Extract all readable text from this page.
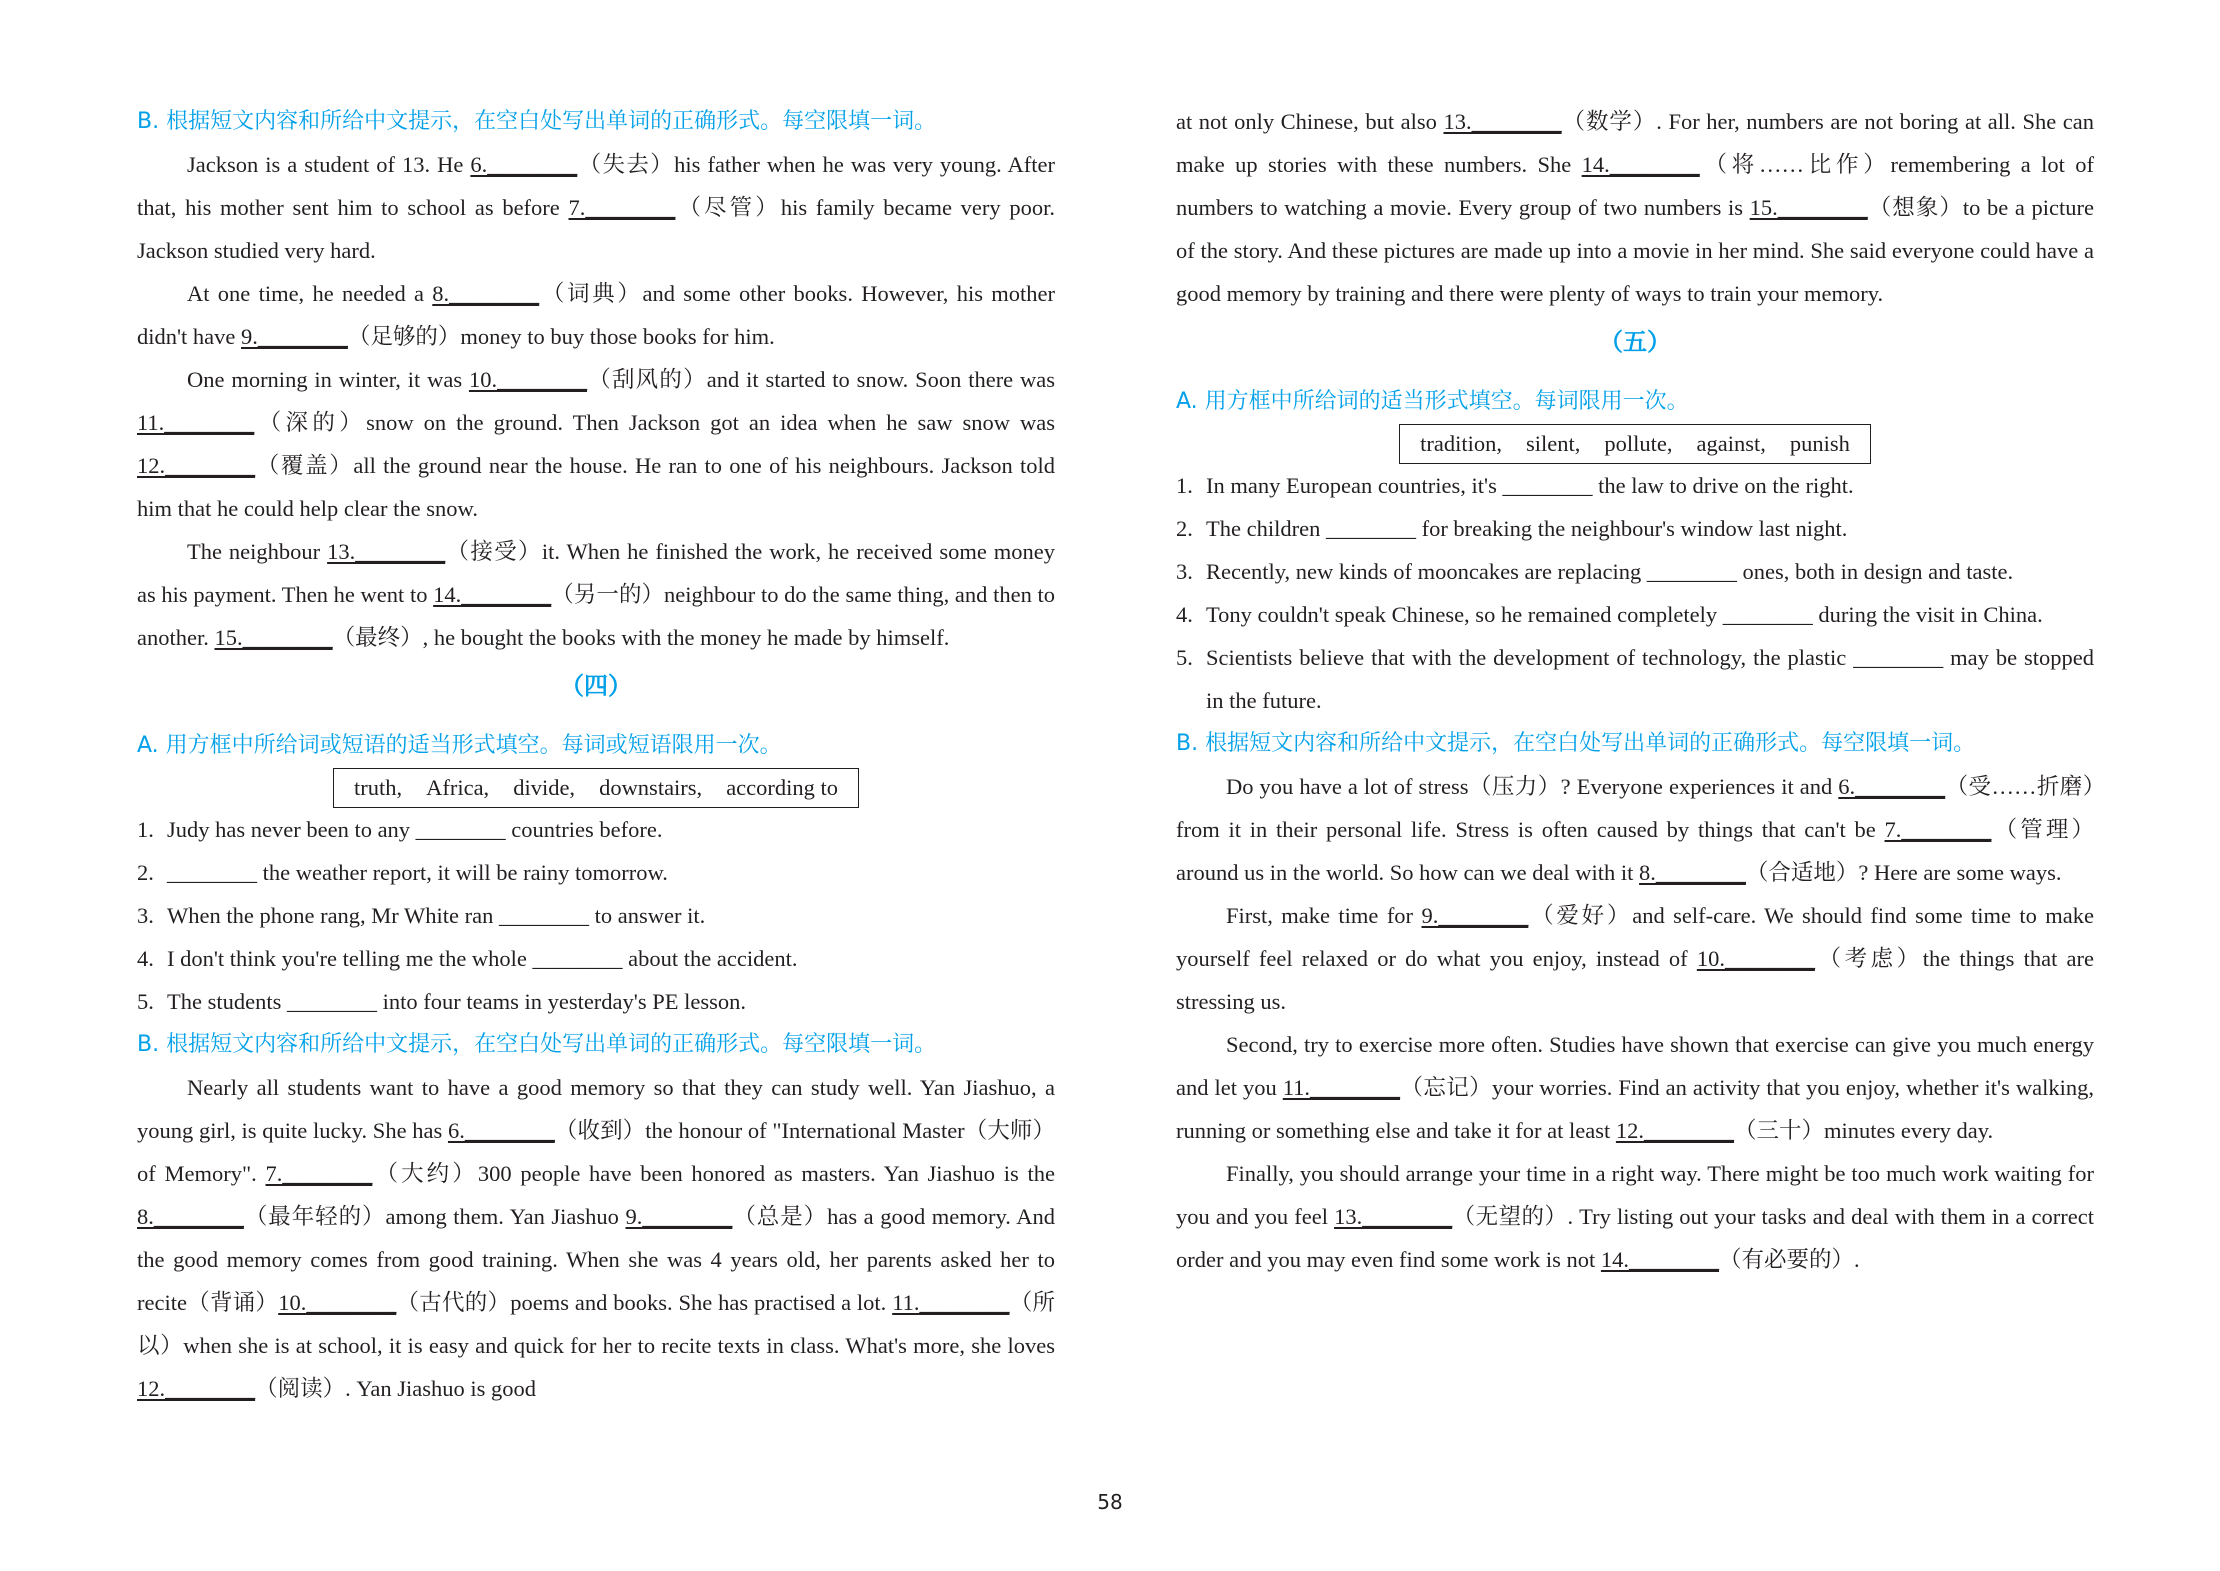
B. 根据短文内容和所给中文提示，在空白处写出单词的正确形式。每空限填一词。

Jackson is a student of 13. He 6.________（失去）his father when he was very young. After that, his mother sent him to school as before 7.________（尽管）his family became very poor. Jackson studied very hard.

At one time, he needed a 8.________（词典）and some other books. However, his mother didn't have 9.________（足够的）money to buy those books for him.

One morning in winter, it was 10.________（刮风的）and it started to snow. Soon there was 11.________（深的）snow on the ground. Then Jackson got an idea when he saw snow was 12.________（覆盖）all the ground near the house. He ran to one of his neighbours. Jackson told him that he could help clear the snow.

The neighbour 13.________（接受）it. When he finished the work, he received some money as his payment. Then he went to 14.________（另一的）neighbour to do the same thing, and then to another. 15.________（最终）, he bought the books with the money he made by himself.

（四）
A. 用方框中所给词或短语的适当形式填空。每词或短语限用一次。
truth, Africa, divide, downstairs, according to
1. Judy has never been to any ________ countries before.
2. ________ the weather report, it will be rainy tomorrow.
3. When the phone rang, Mr White ran ________ to answer it.
4. I don't think you're telling me the whole ________ about the accident.
5. The students ________ into four teams in yesterday's PE lesson.
B. 根据短文内容和所给中文提示，在空白处写出单词的正确形式。每空限填一词。

Nearly all students want to have a good memory so that they can study well. Yan Jiashuo, a young girl, is quite lucky. She has 6.________（收到）the honour of "International Master（大师）of Memory". 7.________（大约）300 people have been honored as masters. Yan Jiashuo is the 8.________（最年轻的）among them. Yan Jiashuo 9.________（总是）has a good memory. And the good memory comes from good training. When she was 4 years old, her parents asked her to recite（背诵）10.________（古代的）poems and books. She has practised a lot. 11.________（所以）when she is at school, it is easy and quick for her to recite texts in class. What's more, she loves 12.________（阅读）. Yan Jiashuo is good

at not only Chinese, but also 13.________（数学）. For her, numbers are not boring at all. She can make up stories with these numbers. She 14.________（将……比作）remembering a lot of numbers to watching a movie. Every group of two numbers is 15.________（想象）to be a picture of the story. And these pictures are made up into a movie in her mind. She said everyone could have a good memory by training and there were plenty of ways to train your memory.

（五）
A. 用方框中所给词的适当形式填空。每词限用一次。
tradition, silent, pollute, against, punish
1. In many European countries, it's ________ the law to drive on the right.
2. The children ________ for breaking the neighbour's window last night.
3. Recently, new kinds of mooncakes are replacing ________ ones, both in design and taste.
4. Tony couldn't speak Chinese, so he remained completely ________ during the visit in China.
5. Scientists believe that with the development of technology, the plastic ________ may be stopped in the future.
B. 根据短文内容和所给中文提示，在空白处写出单词的正确形式。每空限填一词。

Do you have a lot of stress（压力）? Everyone experiences it and 6.________（受……折磨）from it in their personal life. Stress is often caused by things that can't be 7.________（管理）around us in the world. So how can we deal with it 8.________（合适地）? Here are some ways.

First, make time for 9.________（爱好）and self-care. We should find some time to make yourself feel relaxed or do what you enjoy, instead of 10.________（考虑）the things that are stressing us.

Second, try to exercise more often. Studies have shown that exercise can give you much energy and let you 11.________（忘记）your worries. Find an activity that you enjoy, whether it's walking, running or something else and take it for at least 12.________（三十）minutes every day.

Finally, you should arrange your time in a right way. There might be too much work waiting for you and you feel 13.________（无望的）. Try listing out your tasks and deal with them in a correct order and you may even find some work is not 14.________（有必要的）.

58
